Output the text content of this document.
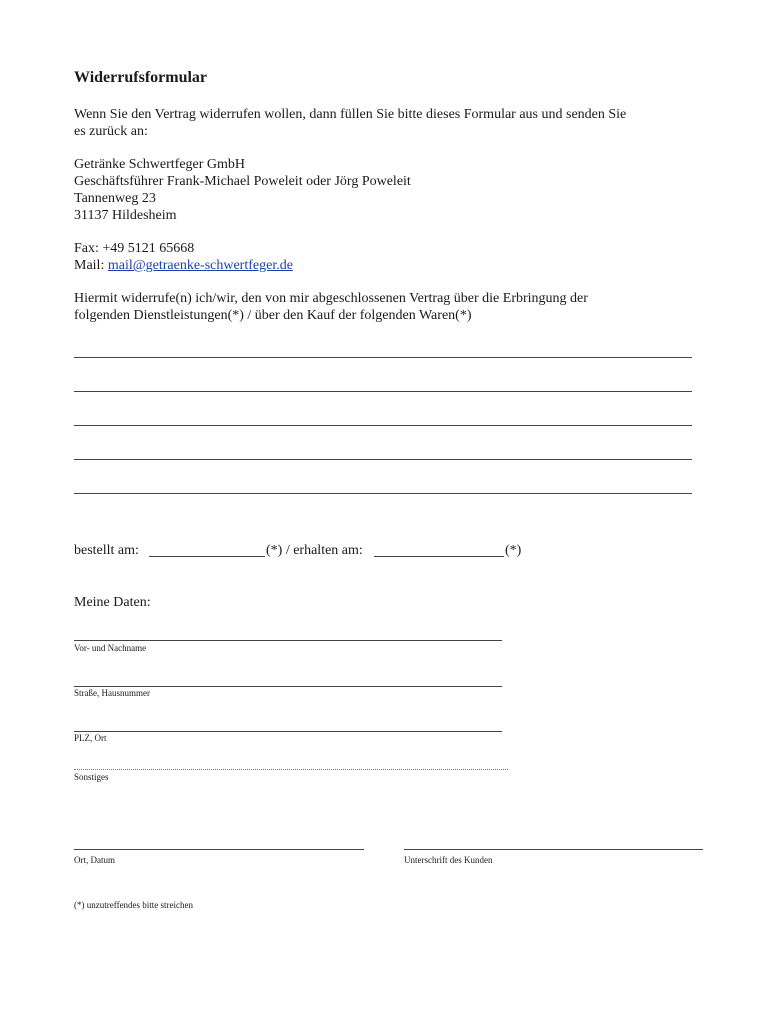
Widerrufsformular
Wenn Sie den Vertrag widerrufen wollen, dann füllen Sie bitte dieses Formular aus und senden Sie
es zurück an:
Getränke Schwertfeger GmbH
Geschäftsführer Frank-Michael Poweleit oder Jörg Poweleit
Tannenweg 23
31137 Hildesheim
Fax: +49 5121 65668
Mail: mail@getraenke-schwertfeger.de
Hiermit widerrufe(n) ich/wir, den von mir abgeschlossenen Vertrag über die Erbringung der
folgenden Dienstleistungen(*) / über den Kauf der folgenden Waren(*)
bestellt am:	(*) / erhalten am:	(*)
Meine Daten:
Vor- und Nachname
Straße, Hausnummer
PLZ, Ort
Sonstiges
Ort, Datum	Unterschrift des Kunden
(*) unzutreffendes bitte streichen
